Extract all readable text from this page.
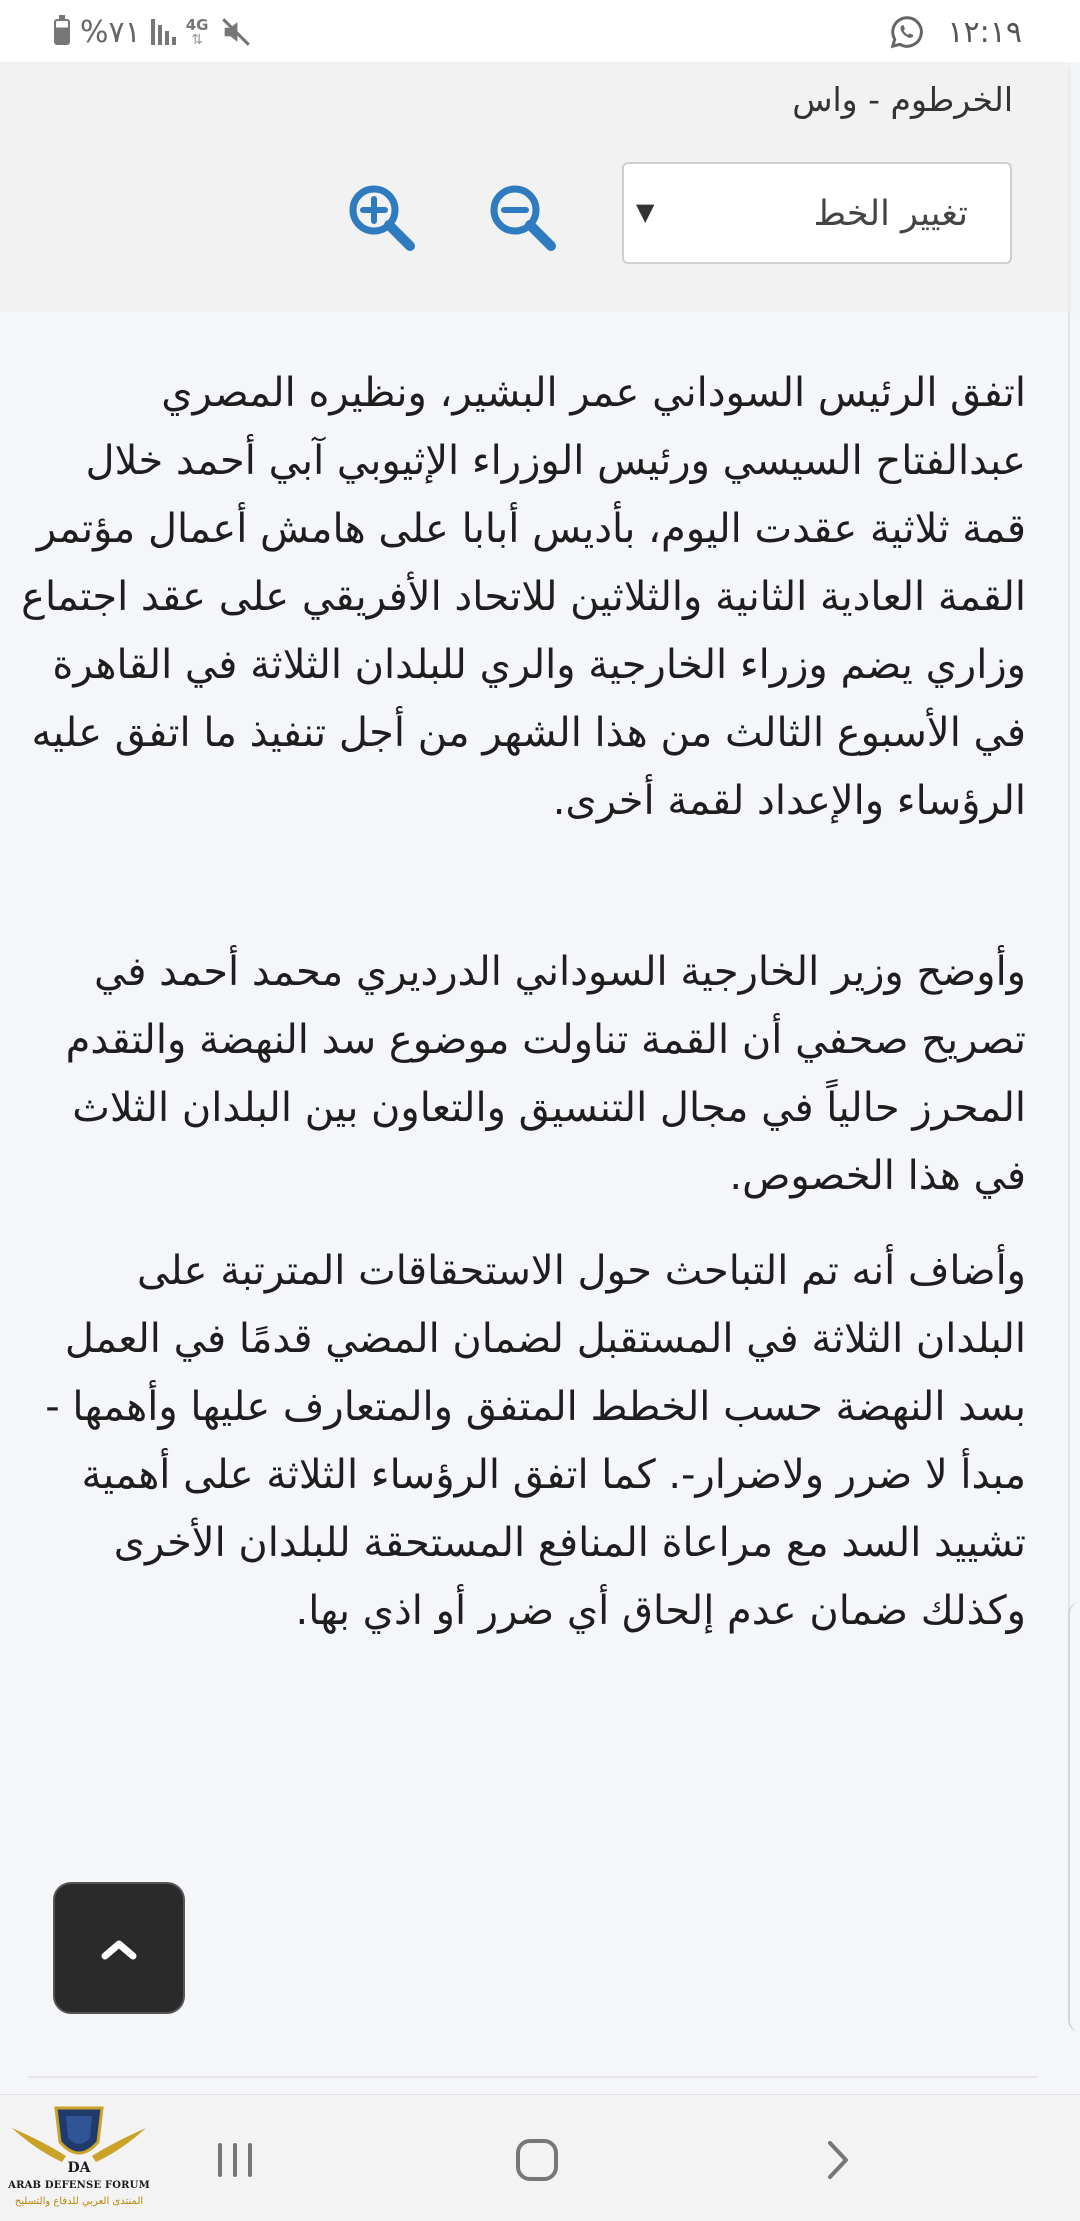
%٧١	4G
⇅	١٢:١٩
الخرطوم - واس
تغيير الخط
▼

اتفق الرئيس السوداني عمر البشير، ونظيره المصري عبدالفتاح السيسي ورئيس الوزراء الإثيوبي آبي أحمد خلال قمة ثلاثية عقدت اليوم، بأديس أبابا على هامش أعمال مؤتمر القمة العادية الثانية والثلاثين للاتحاد الأفريقي على عقد اجتماع وزاري يضم وزراء الخارجية والري للبلدان الثلاثة في القاهرة في الأسبوع الثالث من هذا الشهر من أجل تنفيذ ما اتفق عليه الرؤساء والإعداد لقمة أخرى.

وأوضح وزير الخارجية السوداني الدرديري محمد أحمد في تصريح صحفي أن القمة تناولت موضوع سد النهضة والتقدم المحرز حالياً في مجال التنسيق والتعاون بين البلدان الثلاث في هذا الخصوص.

وأضاف أنه تم التباحث حول الاستحقاقات المترتبة على البلدان الثلاثة في المستقبل لضمان المضي قدمًا في العمل بسد النهضة حسب الخطط المتفق والمتعارف عليها وأهمها - مبدأ لا ضرر ولاضرار-. كما اتفق الرؤساء الثلاثة على أهمية تشييد السد مع مراعاة المنافع المستحقة للبلدان الأخرى وكذلك ضمان عدم إلحاق أي ضرر أو اذي بها.

DA
ARAB DEFENSE FORUM
المنتدى العربي للدفاع والتسليح
